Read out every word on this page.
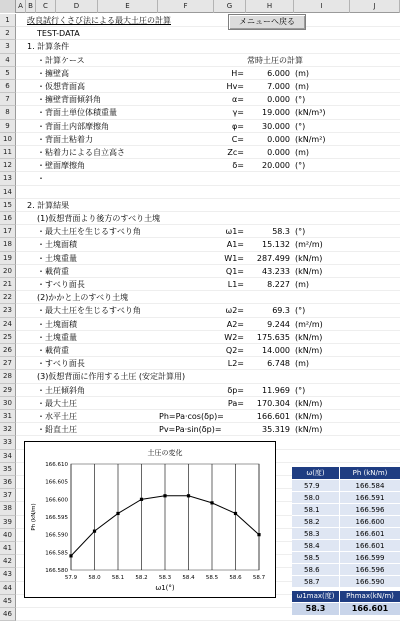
A B	C	D	E	F	G	H	I	J
1
2
3
4
5
6
7
8
9
10
11
12
13
14
15
16
17
18
19
20
21
22
23
24
25
26
27
28
29
30
31
32
33
34
35
36
37
38
39
40
41
42
43
44
45
46
改良試行くさび法による最大土圧の計算
TEST-DATA
1. 計算条件
・計算ケース	常時土圧の計算
・擁壁高	H=	6.000 (m)
・仮想背面高	Hv=	7.000 (m)
・擁壁背面傾斜角	α=	0.000 (°)
・背面土単位体積重量	γ=	19.000 (kN/m³)
・背面土内部摩擦角	φ=	30.000 (°)
・背面土粘着力	C=	0.000 (kN/m²)
・粘着力による自立高さ	Zc=	0.000 (m)
・壁面摩擦角	δ=	20.000 (°)
・
2. 計算結果
(1)仮想背面より後方のすべり土塊
・最大土圧を生じるすべり角	ω1=	58.3 (°)
・土塊面積	A1=	15.132 (m²/m)
・土塊重量	W1=	287.499 (kN/m)
・載荷重	Q1=	43.233 (kN/m)
・すべり面長	L1=	8.227 (m)
(2)かかと上のすべり土塊
・最大土圧を生じるすべり角	ω2=	69.3 (°)
・土塊面積	A2=	9.244 (m²/m)
・土塊重量	W2=	175.635 (kN/m)
・載荷重	Q2=	14.000 (kN/m)
・すべり面長	L2=	6.748 (m)
(3)仮想背面に作用する土圧 (安定計算用)
・土圧傾斜角	δp=	11.969 (°)
・最大土圧	Pa=	170.304 (kN/m)
・水平土圧	Ph=Pa·cos(δp)=	166.601 (kN/m)
・鉛直土圧	Pv=Pa·sin(δp)=	35.319 (kN/m)
メニューへ戻る
土圧の変化
166.580
166.585
166.590
166.595
166.600
166.605
166.610
57.9 58.0 58.1 58.2 58.3 58.4 58.5 58.6 58.7
ω1(°)
Ph (kN/m)
ω(度)	Ph (kN/m)
57.9	166.584
58.0	166.591
58.1	166.596
58.2	166.600
58.3	166.601
58.4	166.601
58.5	166.599
58.6	166.596
58.7	166.590
ω1max(度)	Phmax(kN/m)
58.3	166.601
